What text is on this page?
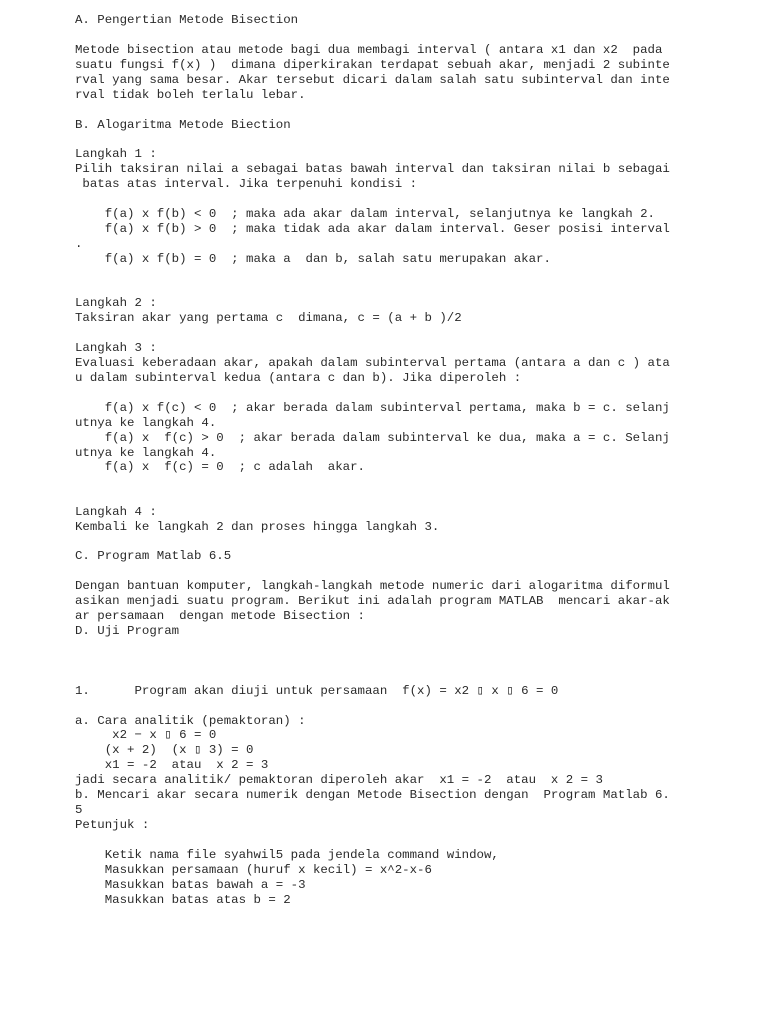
A. Pengertian Metode Bisection
Metode bisection atau metode bagi dua membagi interval ( antara x1 dan x2  pada
suatu fungsi f(x) )  dimana diperkirakan terdapat sebuah akar, menjadi 2 subinte
rval yang sama besar. Akar tersebut dicari dalam salah satu subinterval dan inte
rval tidak boleh terlalu lebar.
B. Alogaritma Metode Biection
Langkah 1 :
Pilih taksiran nilai a sebagai batas bawah interval dan taksiran nilai b sebagai
batas atas interval. Jika terpenuhi kondisi :
f(a) x f(b) < 0  ; maka ada akar dalam interval, selanjutnya ke langkah 2.
f(a) x f(b) > 0  ; maka tidak ada akar dalam interval. Geser posisi interval
.
f(a) x f(b) = 0  ; maka a  dan b, salah satu merupakan akar.
Langkah 2 :
Taksiran akar yang pertama c  dimana, c = (a + b )/2
Langkah 3 :
Evaluasi keberadaan akar, apakah dalam subinterval pertama (antara a dan c ) ata
u dalam subinterval kedua (antara c dan b). Jika diperoleh :
f(a) x f(c) < 0  ; akar berada dalam subinterval pertama, maka b = c. selanj
utnya ke langkah 4.
f(a) x  f(c) > 0  ; akar berada dalam subinterval ke dua, maka a = c. Selanj
utnya ke langkah 4.
f(a) x  f(c) = 0  ; c adalah  akar.
Langkah 4 :
Kembali ke langkah 2 dan proses hingga langkah 3.
C. Program Matlab 6.5
Dengan bantuan komputer, langkah-langkah metode numeric dari alogaritma diformul
asikan menjadi suatu program. Berikut ini adalah program MATLAB  mencari akar-ak
ar persamaan  dengan metode Bisection :
D. Uji Program
1.      Program akan diuji untuk persamaan  f(x) = x2 ▯ x ▯ 6 = 0
a. Cara analitik (pemaktoran) :
x2 − x ▯ 6 = 0
(x + 2)  (x ▯ 3) = 0
x1 = -2  atau  x 2 = 3
jadi secara analitik/ pemaktoran diperoleh akar  x1 = -2  atau  x 2 = 3
b. Mencari akar secara numerik dengan Metode Bisection dengan  Program Matlab 6.
5
Petunjuk :
Ketik nama file syahwil5 pada jendela command window,
Masukkan persamaan (huruf x kecil) = x^2-x-6
Masukkan batas bawah a = -3
Masukkan batas atas b = 2
